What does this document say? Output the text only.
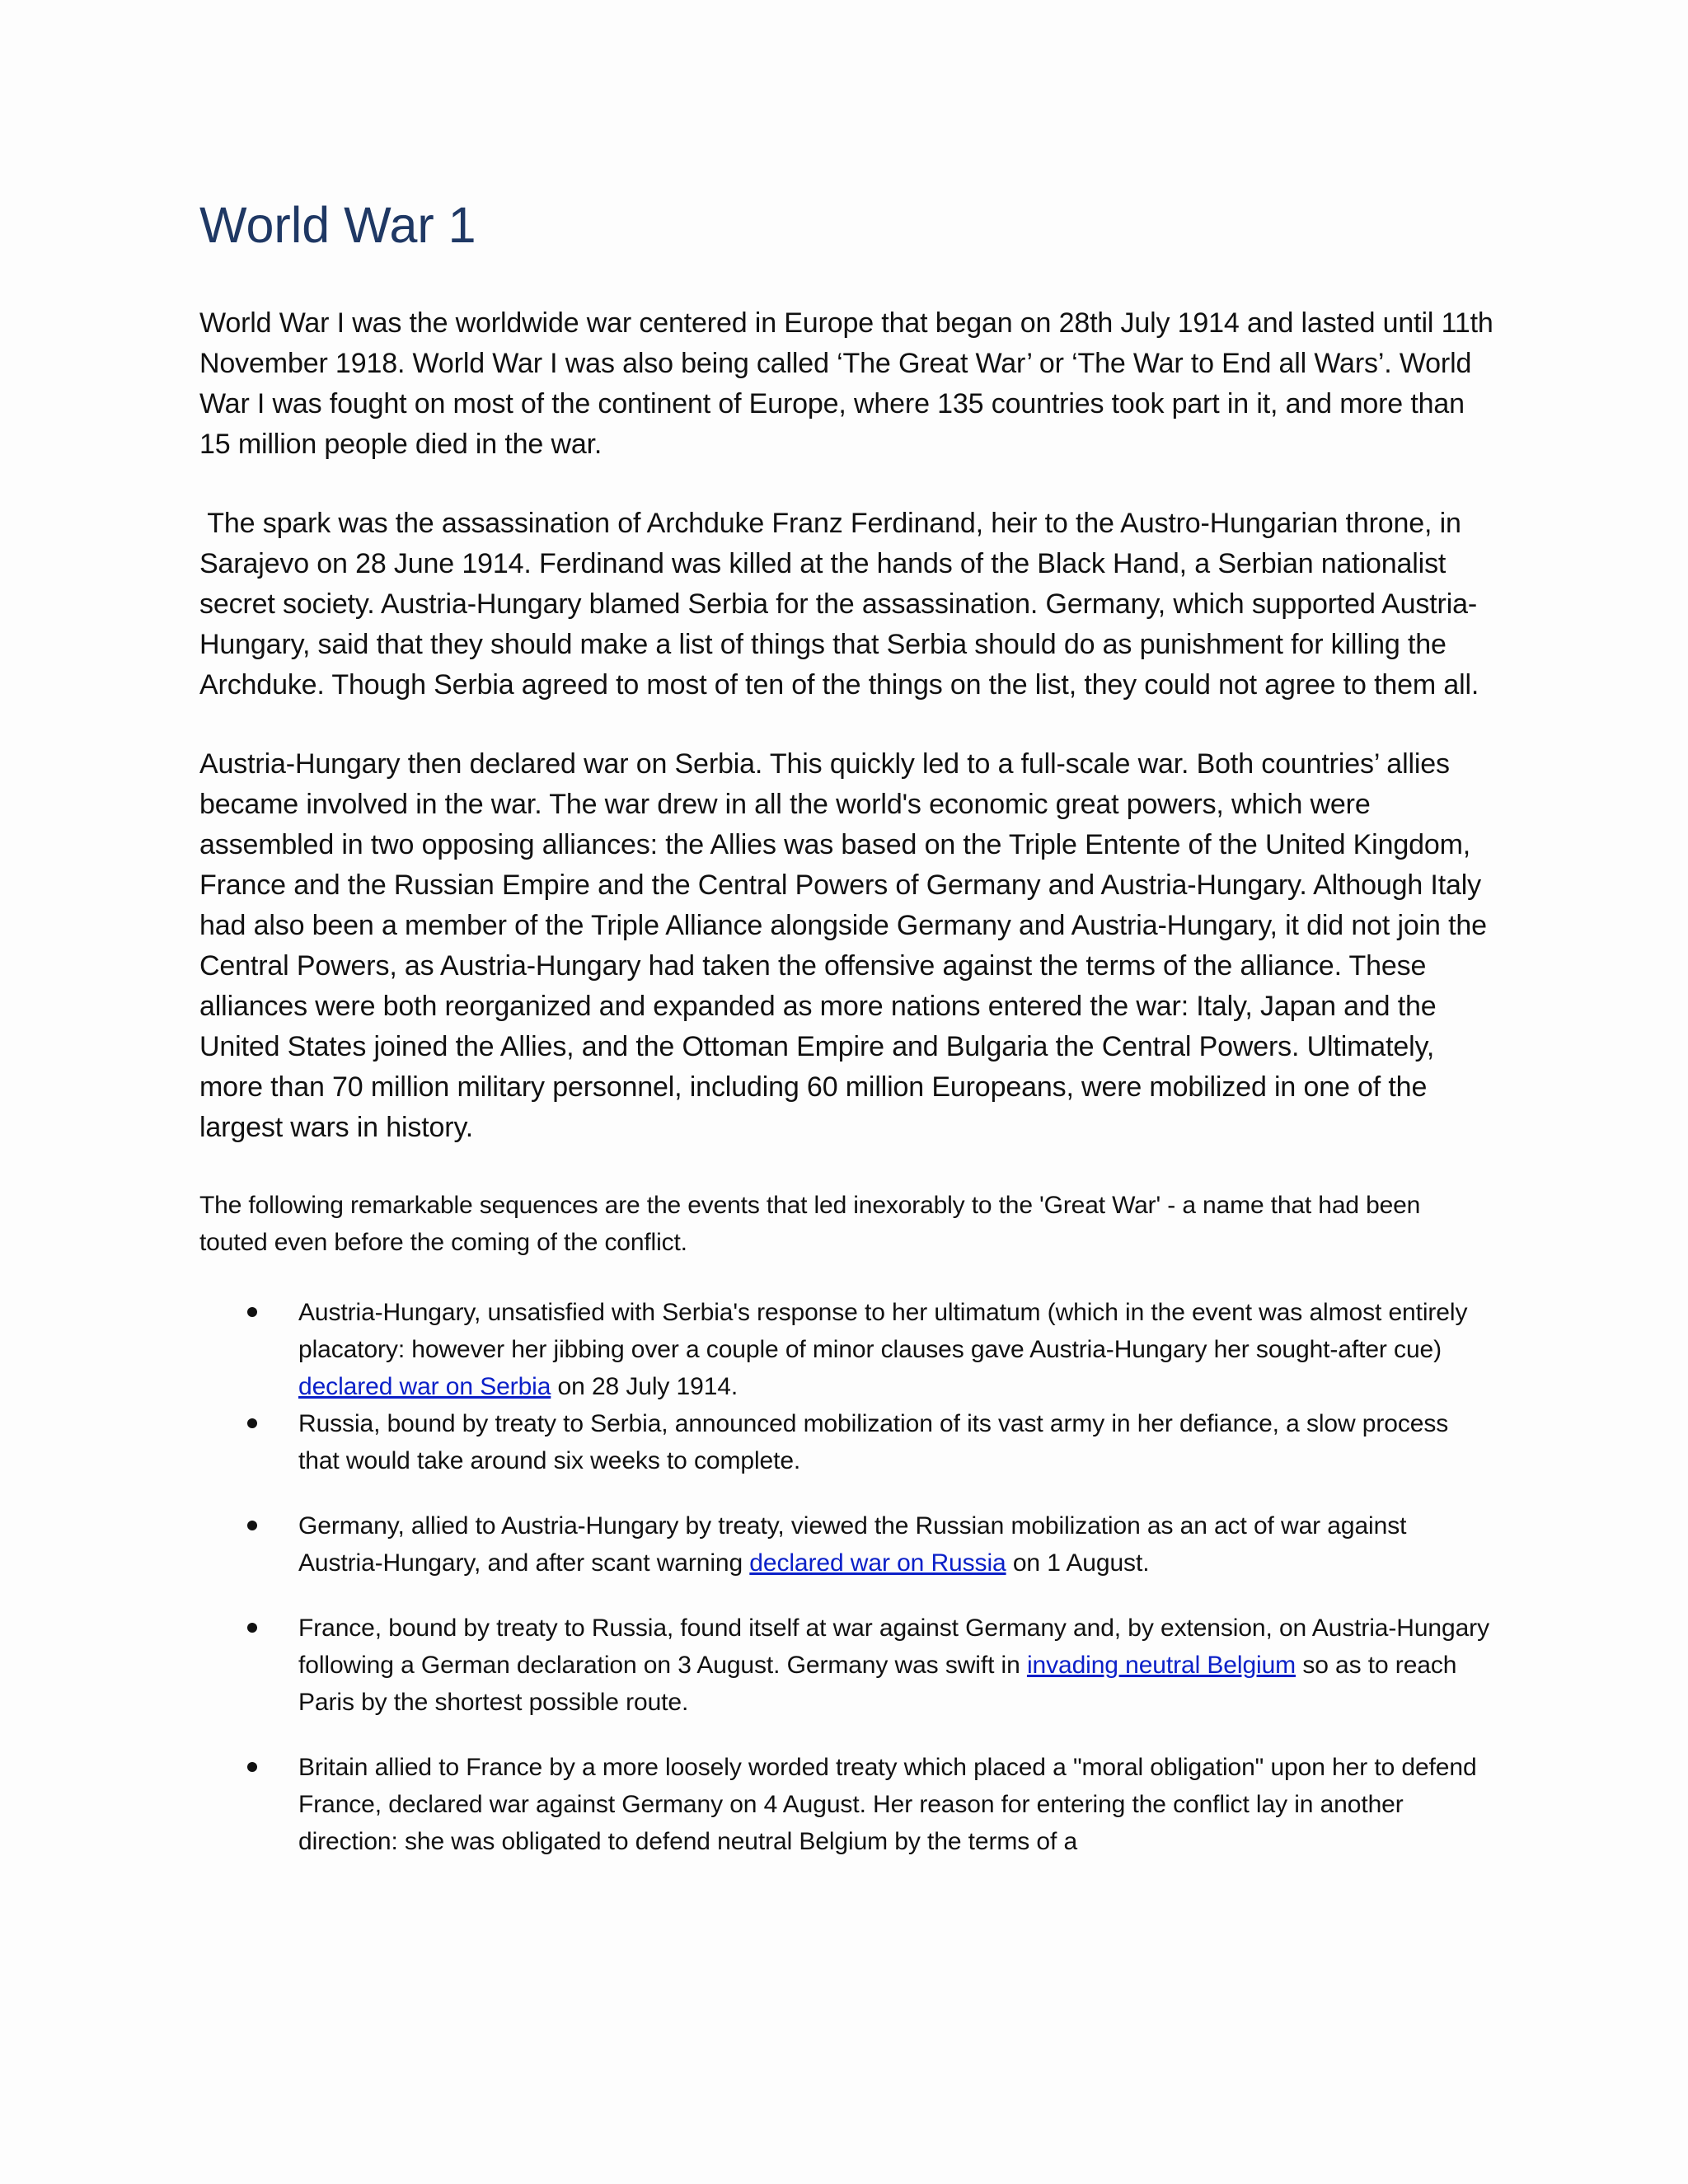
World War 1

World War I was the worldwide war centered in Europe that began on 28th July 1914 and lasted until 11th November 1918. World War I was also being called ‘The Great War’ or ‘The War to End all Wars’. World War I was fought on most of the continent of Europe, where 135 countries took part in it, and more than 15 million people died in the war.

The spark was the assassination of Archduke Franz Ferdinand, heir to the Austro-Hungarian throne, in Sarajevo on 28 June 1914. Ferdinand was killed at the hands of the Black Hand, a Serbian nationalist secret society. Austria-Hungary blamed Serbia for the assassination. Germany, which supported Austria-Hungary, said that they should make a list of things that Serbia should do as punishment for killing the Archduke. Though Serbia agreed to most of ten of the things on the list, they could not agree to them all.

Austria-Hungary then declared war on Serbia. This quickly led to a full-scale war. Both countries’ allies became involved in the war. The war drew in all the world's economic great powers, which were assembled in two opposing alliances: the Allies was based on the Triple Entente of the United Kingdom, France and the Russian Empire and the Central Powers of Germany and Austria-Hungary. Although Italy had also been a member of the Triple Alliance alongside Germany and Austria-Hungary, it did not join the Central Powers, as Austria-Hungary had taken the offensive against the terms of the alliance. These alliances were both reorganized and expanded as more nations entered the war: Italy, Japan and the United States joined the Allies, and the Ottoman Empire and Bulgaria the Central Powers. Ultimately, more than 70 million military personnel, including 60 million Europeans, were mobilized in one of the largest wars in history.

The following remarkable sequences are the events that led inexorably to the 'Great War' - a name that had been touted even before the coming of the conflict.

Austria-Hungary, unsatisfied with Serbia's response to her ultimatum (which in the event was almost entirely placatory: however her jibbing over a couple of minor clauses gave Austria-Hungary her sought-after cue) declared war on Serbia on 28 July 1914.
Russia, bound by treaty to Serbia, announced mobilization of its vast army in her defiance, a slow process that would take around six weeks to complete.
Germany, allied to Austria-Hungary by treaty, viewed the Russian mobilization as an act of war against Austria-Hungary, and after scant warning declared war on Russia on 1 August.
France, bound by treaty to Russia, found itself at war against Germany and, by extension, on Austria-Hungary following a German declaration on 3 August. Germany was swift in invading neutral Belgium so as to reach Paris by the shortest possible route.
Britain allied to France by a more loosely worded treaty which placed a "moral obligation" upon her to defend France, declared war against Germany on 4 August. Her reason for entering the conflict lay in another direction: she was obligated to defend neutral Belgium by the terms of a
